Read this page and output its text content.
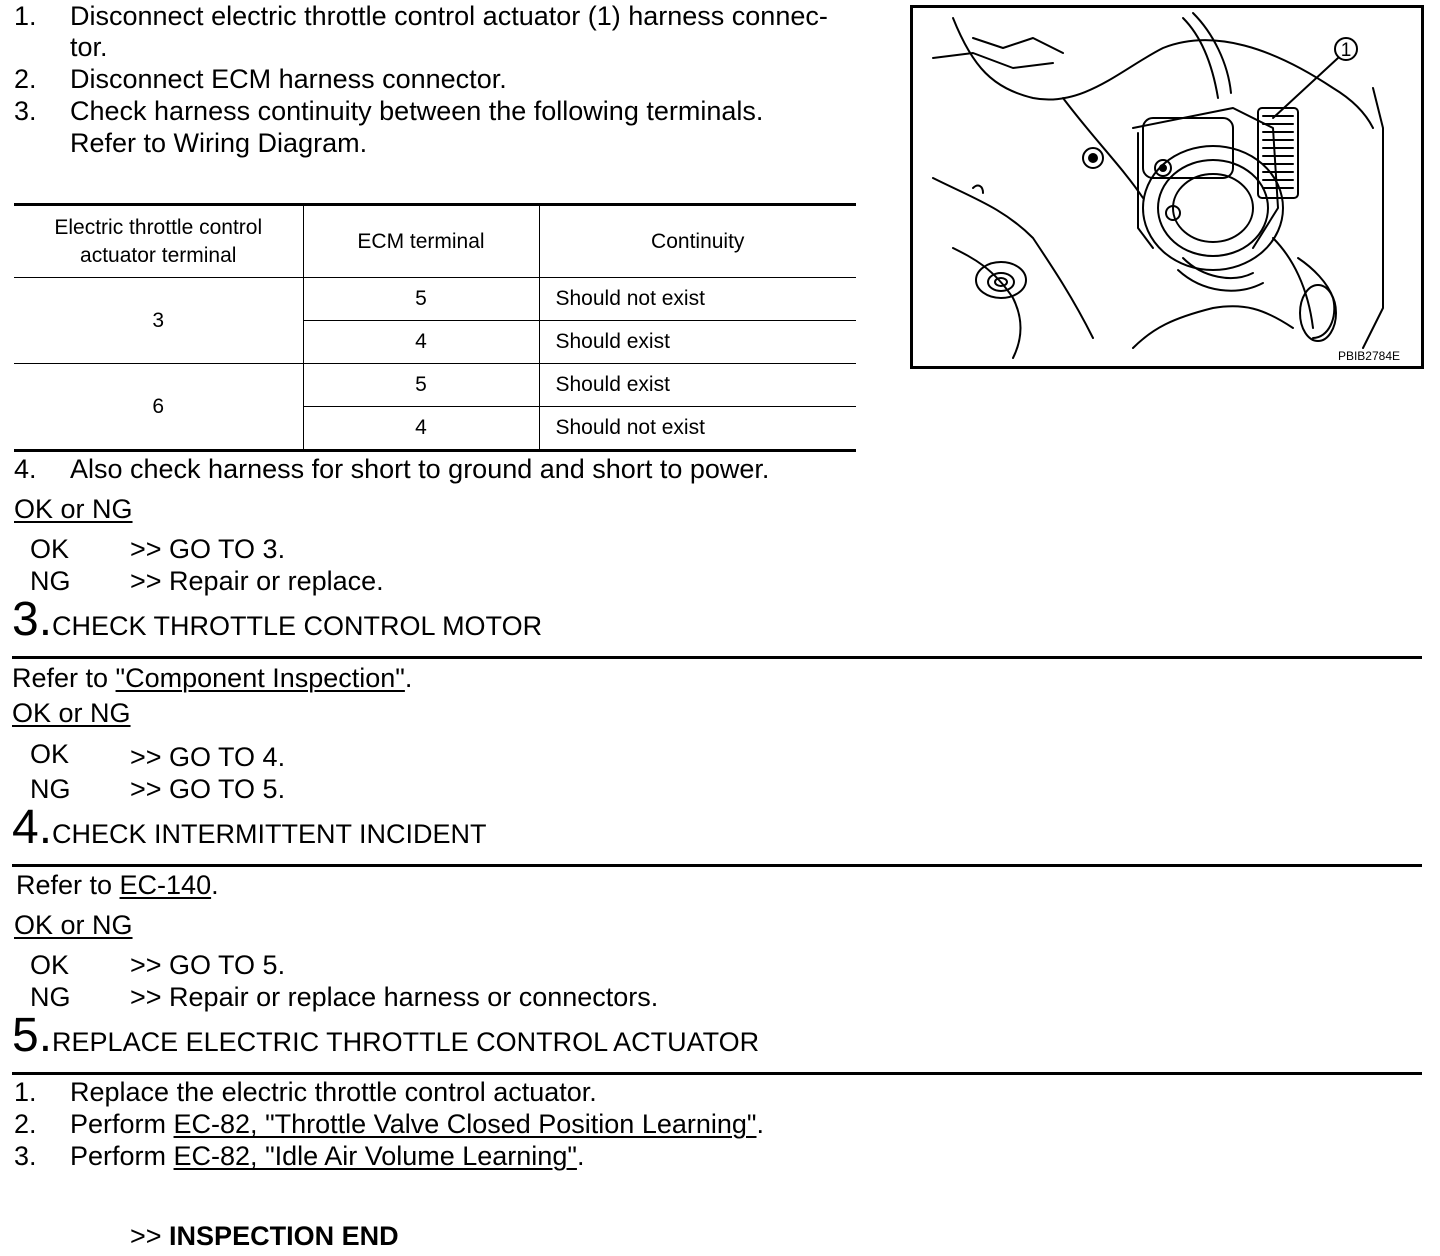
1. Disconnect electric throttle control actuator (1) harness connec-
tor.
2. Disconnect ECM harness connector.
3. Check harness continuity between the following terminals.
Refer to Wiring Diagram.
1
PBIB2784E
Electric throttle control
actuator terminal	ECM terminal	Continuity
3	5	Should not exist
	4	Should exist
6	5	Should exist
	4	Should not exist
4. Also check harness for short to ground and short to power.
OK or NG
OK >> GO TO 3.
NG >> Repair or replace.
3.CHECK THROTTLE CONTROL MOTOR
Refer to "Component Inspection".
OK or NG
OK >> GO TO 4.
NG >> GO TO 5.
4.CHECK INTERMITTENT INCIDENT
Refer to EC-140.
OK or NG
OK >> GO TO 5.
NG >> Repair or replace harness or connectors.
5.REPLACE ELECTRIC THROTTLE CONTROL ACTUATOR
1. Replace the electric throttle control actuator.
2. Perform EC-82, "Throttle Valve Closed Position Learning".
3. Perform EC-82, "Idle Air Volume Learning".
>> INSPECTION END
